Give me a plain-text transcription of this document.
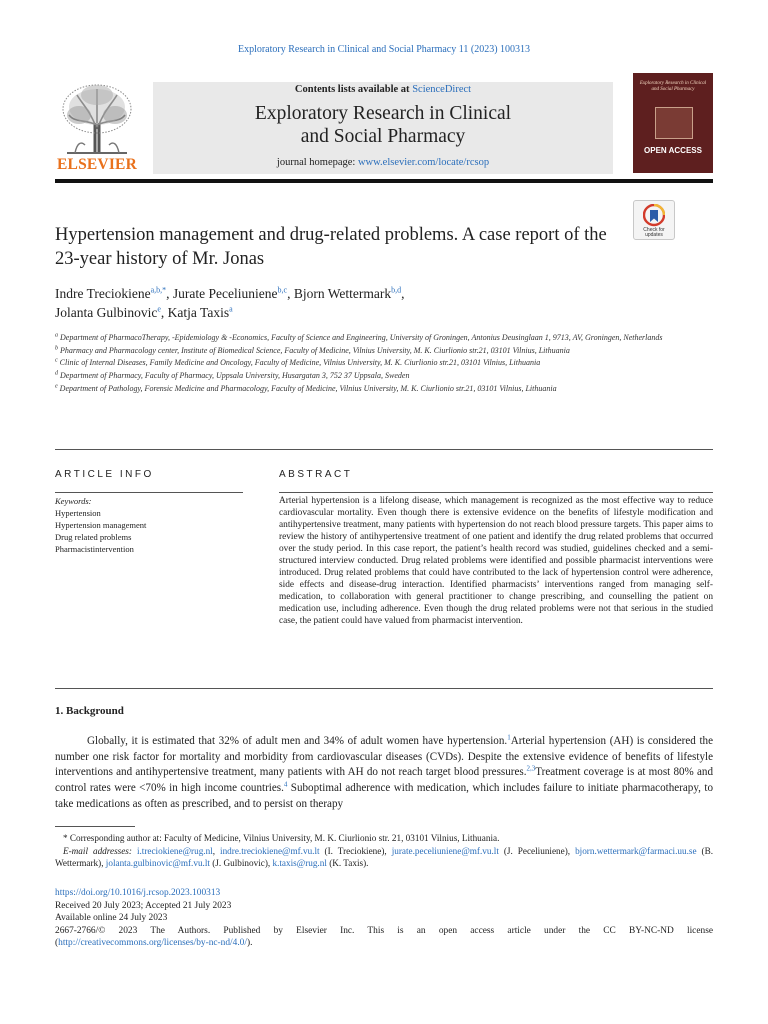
Exploratory Research in Clinical and Social Pharmacy 11 (2023) 100313
ELSEVIER
Contents lists available at ScienceDirect
Exploratory Research in Clinical
and Social Pharmacy
journal homepage: www.elsevier.com/locate/rcsop
Exploratory Research in Clinical and Social Pharmacy
OPEN ACCESS
Check for
updates
Hypertension management and drug-related problems. A case report of the 23-year history of Mr. Jonas
Indre Treciokiene$^{a,b,*}$, Jurate Peceliuniene$^{b,c}$, Bjorn Wettermark$^{b,d}$,
Jolanta Gulbinovic$^e$, Katja Taxis$^a$

$^a$ Department of PharmacoTherapy, -Epidemiology & -Economics, Faculty of Science and Engineering, University of Groningen, Antonius Deusinglaan 1, 9713, AV, Groningen, Netherlands

$^b$ Pharmacy and Pharmacology center, Institute of Biomedical Science, Faculty of Medicine, Vilnius University, M. K. Ciurlionio str.21, 03101 Vilnius, Lithuania

$^c$ Clinic of Internal Diseases, Family Medicine and Oncology, Faculty of Medicine, Vilnius University, M. K. Ciurlionio str.21, 03101 Vilnius, Lithuania

$^d$ Department of Pharmacy, Faculty of Pharmacy, Uppsala University, Husargatan 3, 752 37 Uppsala, Sweden

$^e$ Department of Pathology, Forensic Medicine and Pharmacology, Faculty of Medicine, Vilnius University, M. K. Ciurlionio str.21, 03101 Vilnius, Lithuania

ARTICLE INFO	ABSTRACT
Keywords:
Hypertension
Hypertension management
Drug related problems
Pharmacistintervention
Arterial hypertension is a lifelong disease, which management is recognized as the most effective way to reduce cardiovascular mortality. Even though there is extensive evidence on the benefits of lifestyle modification and antihypertensive treatment, many patients with hypertension do not reach blood pressure targets. This paper aims to review the history of antihypertensive treatment of one patient and identify the drug related problems that occurred over the study period. In this case report, the patient’s health record was studied, guidelines checked and a semi-structured interview conducted. Drug related problems were identified and possible pharmacist interventions were introduced. Drug related problems that could have contributed to the lack of hypertension control were adherence, side effects and disease-drug interaction. Identified pharmacists’ interventions ranged from managing self-medication, to collaboration with general practitioner to change prescribing, and counselling the patient on medication use, including adherence. Even though the drug related problems were not that serious in the studied case, the patient could have valued from pharmacist intervention.
1. Background

Globally, it is estimated that 32% of adult men and 34% of adult women have hypertension.$^1$Arterial hypertension (AH) is considered the number one risk factor for mortality and morbidity from cardiovascular diseases (CVDs). Despite the extensive evidence of benefits of lifestyle interventions and antihypertensive treatment, many patients with AH do not reach target blood pressures.$^{2,3}$Treatment coverage is at most 80% and control rates were <70% in high income countries.$^4$ Suboptimal adherence with medication, which includes failure to initiate pharmacotherapy, to take medications as often as prescribed, and to persist on therapy

* Corresponding author at: Faculty of Medicine, Vilnius University, M. K. Ciurlionio str. 21, 03101 Vilnius, Lithuania.

E-mail addresses: i.treciokiene@rug.nl, indre.treciokiene@mf.vu.lt (I. Treciokiene), jurate.peceliuniene@mf.vu.lt (J. Peceliuniene), bjorn.wettermark@farmaci.uu.se (B. Wettermark), jolanta.gulbinovic@mf.vu.lt (J. Gulbinovic), k.taxis@rug.nl (K. Taxis).

https://doi.org/10.1016/j.rcsop.2023.100313

Received 20 July 2023; Accepted 21 July 2023

Available online 24 July 2023

2667-2766/© 2023 The Authors. Published by Elsevier Inc. This is an open access article under the CC BY-NC-ND license

(http://creativecommons.org/licenses/by-nc-nd/4.0/).
